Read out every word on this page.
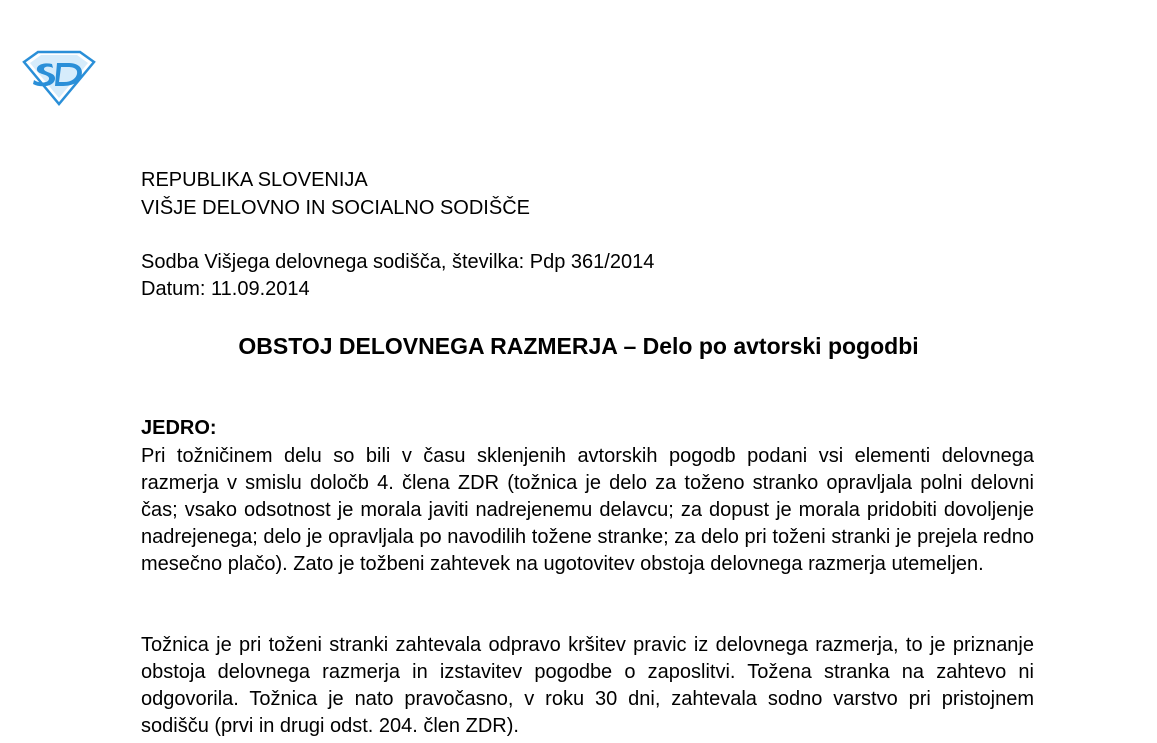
REPUBLIKA SLOVENIJA
VIŠJE DELOVNO IN SOCIALNO SODIŠČE
Sodba Višjega delovnega sodišča, številka: Pdp 361/2014
Datum: 11.09.2014
OBSTOJ DELOVNEGA RAZMERJA – Delo po avtorski pogodbi
JEDRO:

Pri tožničinem delu so bili v času sklenjenih avtorskih pogodb podani vsi elementi delovnega razmerja v smislu določb 4. člena ZDR (tožnica je delo za toženo stranko opravljala polni delovni čas; vsako odsotnost je morala javiti nadrejenemu delavcu; za dopust je morala pridobiti dovoljenje nadrejenega; delo je opravljala po navodilih tožene stranke; za delo pri toženi stranki je prejela redno mesečno plačo). Zato je tožbeni zahtevek na ugotovitev obstoja delovnega razmerja utemeljen.

Tožnica je pri toženi stranki zahtevala odpravo kršitev pravic iz delovnega razmerja, to je priznanje obstoja delovnega razmerja in izstavitev pogodbe o zaposlitvi. Tožena stranka na zahtevo ni odgovorila. Tožnica je nato pravočasno, v roku 30 dni, zahtevala sodno varstvo pri pristojnem sodišču (prvi in drugi odst. 204. člen ZDR).
